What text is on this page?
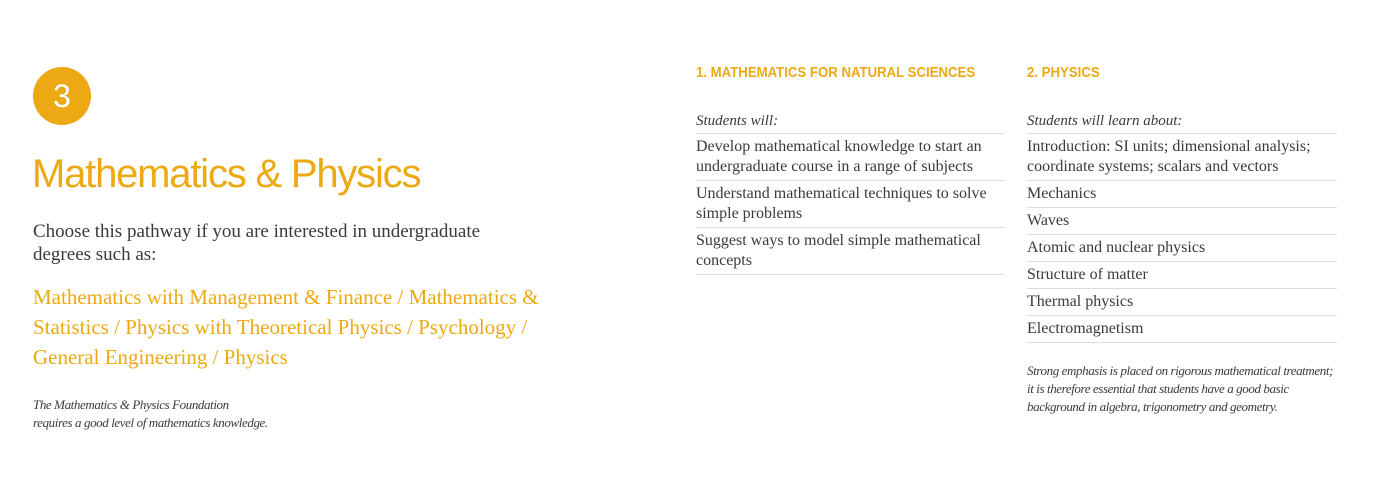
3
Mathematics & Physics
Choose this pathway if you are interested in undergraduate degrees such as:
Mathematics with Management & Finance / Mathematics & Statistics / Physics with Theoretical Physics / Psychology / General Engineering / Physics
The Mathematics & Physics Foundation
requires a good level of mathematics knowledge.
1. MATHEMATICS FOR NATURAL SCIENCES
Students will:
Develop mathematical knowledge to start an undergraduate course in a range of subjects
Understand mathematical techniques to solve simple problems
Suggest ways to model simple mathematical concepts
2. PHYSICS
Students will learn about:
Introduction: SI units; dimensional analysis; coordinate systems; scalars and vectors
Mechanics
Waves
Atomic and nuclear physics
Structure of matter
Thermal physics
Electromagnetism
Strong emphasis is placed on rigorous mathematical treatment; it is therefore essential that students have a good basic background in algebra, trigonometry and geometry.
